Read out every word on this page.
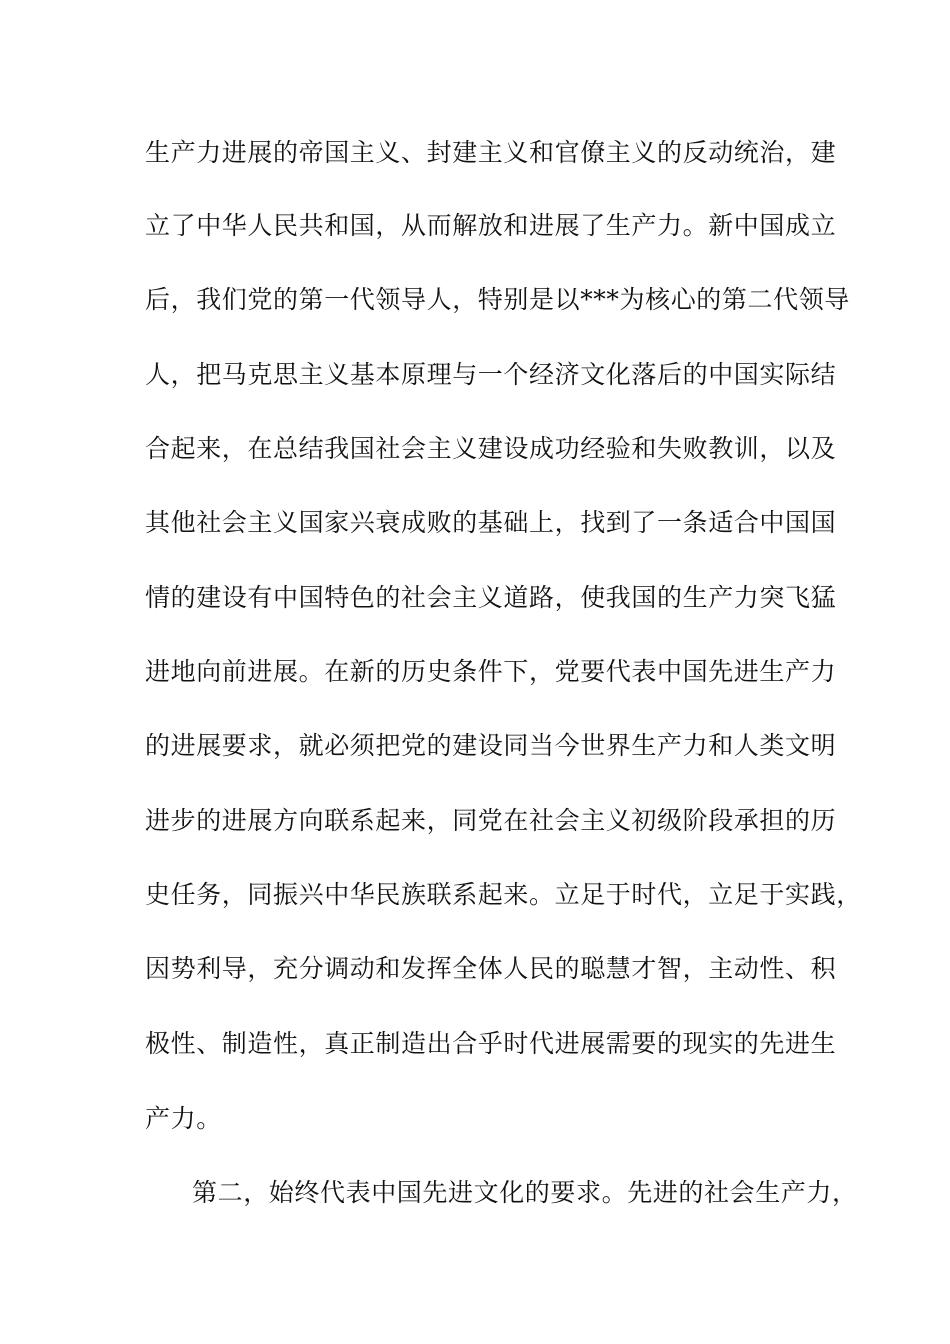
生产力进展的帝国主义、封建主义和官僚主义的反动统治，建
立了中华人民共和国，从而解放和进展了生产力。新中国成立
后，我们党的第一代领导人，特别是以***为核心的第二代领导
人，把马克思主义基本原理与一个经济文化落后的中国实际结
合起来，在总结我国社会主义建设成功经验和失败教训，以及
其他社会主义国家兴衰成败的基础上，找到了一条适合中国国
情的建设有中国特色的社会主义道路，使我国的生产力突飞猛
进地向前进展。在新的历史条件下，党要代表中国先进生产力
的进展要求，就必须把党的建设同当今世界生产力和人类文明
进步的进展方向联系起来，同党在社会主义初级阶段承担的历
史任务，同振兴中华民族联系起来。立足于时代，立足于实践，
因势利导，充分调动和发挥全体人民的聪慧才智，主动性、积
极性、制造性，真正制造出合乎时代进展需要的现实的先进生
产力。
第二，始终代表中国先进文化的要求。先进的社会生产力，
